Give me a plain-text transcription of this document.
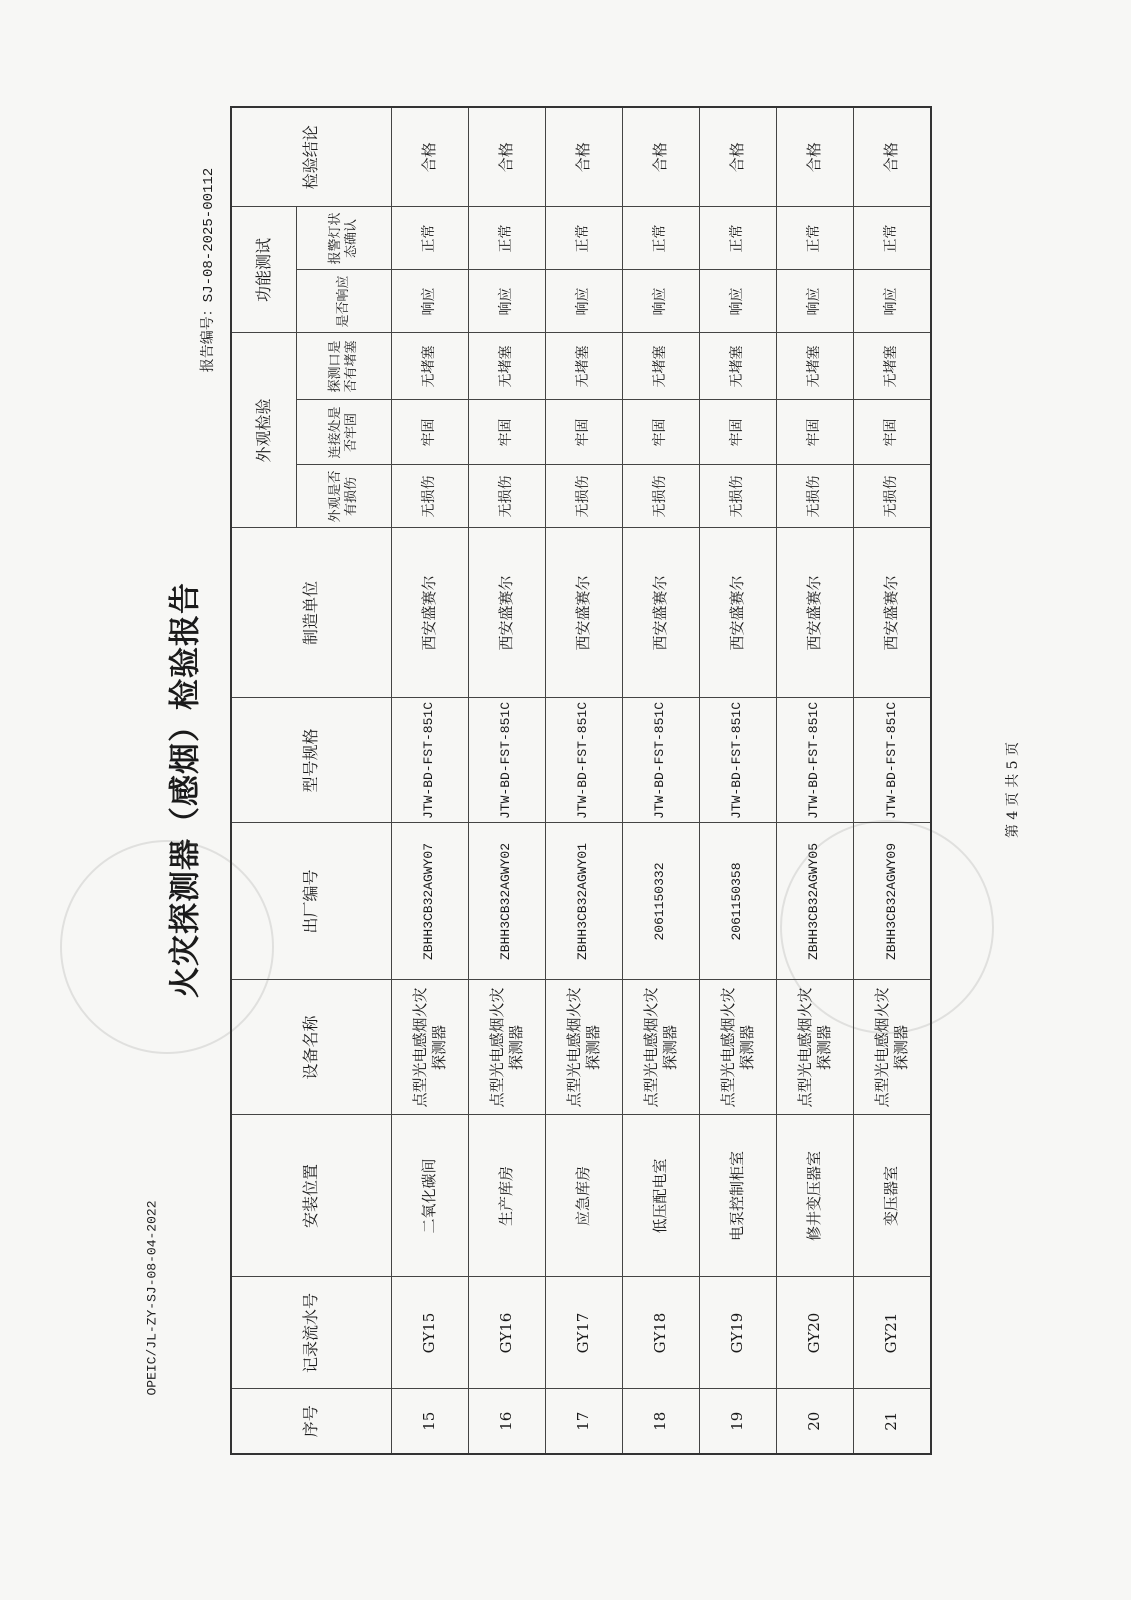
OPEIC/JL-ZY-SJ-08-04-2022
火灾探测器（感烟）检验报告
报告编号：SJ-08-2025-00112
第 4 页 共 5 页
序号	记录流水号	安装位置	设备名称	出厂编号	型号规格	制造单位	外观检验			功能测试		检验结论
							外观是否有损伤	连接处是否牢固	探测口是否有堵塞	是否响应	报警灯状态确认	
15	GY15	二氧化碳间	点型光电感烟火灾探测器	ZBHH3CB32AGWY07	JTW-BD-FST-851C	西安盛赛尔	无损伤	牢固	无堵塞	响应	正常	合格
16	GY16	生产库房	点型光电感烟火灾探测器	ZBHH3CB32AGWY02	JTW-BD-FST-851C	西安盛赛尔	无损伤	牢固	无堵塞	响应	正常	合格
17	GY17	应急库房	点型光电感烟火灾探测器	ZBHH3CB32AGWY01	JTW-BD-FST-851C	西安盛赛尔	无损伤	牢固	无堵塞	响应	正常	合格
18	GY18	低压配电室	点型光电感烟火灾探测器	2061150332	JTW-BD-FST-851C	西安盛赛尔	无损伤	牢固	无堵塞	响应	正常	合格
19	GY19	电泵控制柜室	点型光电感烟火灾探测器	2061150358	JTW-BD-FST-851C	西安盛赛尔	无损伤	牢固	无堵塞	响应	正常	合格
20	GY20	修井变压器室	点型光电感烟火灾探测器	ZBHH3CB32AGWY05	JTW-BD-FST-851C	西安盛赛尔	无损伤	牢固	无堵塞	响应	正常	合格
21	GY21	变压器室	点型光电感烟火灾探测器	ZBHH3CB32AGWY09	JTW-BD-FST-851C	西安盛赛尔	无损伤	牢固	无堵塞	响应	正常	合格
